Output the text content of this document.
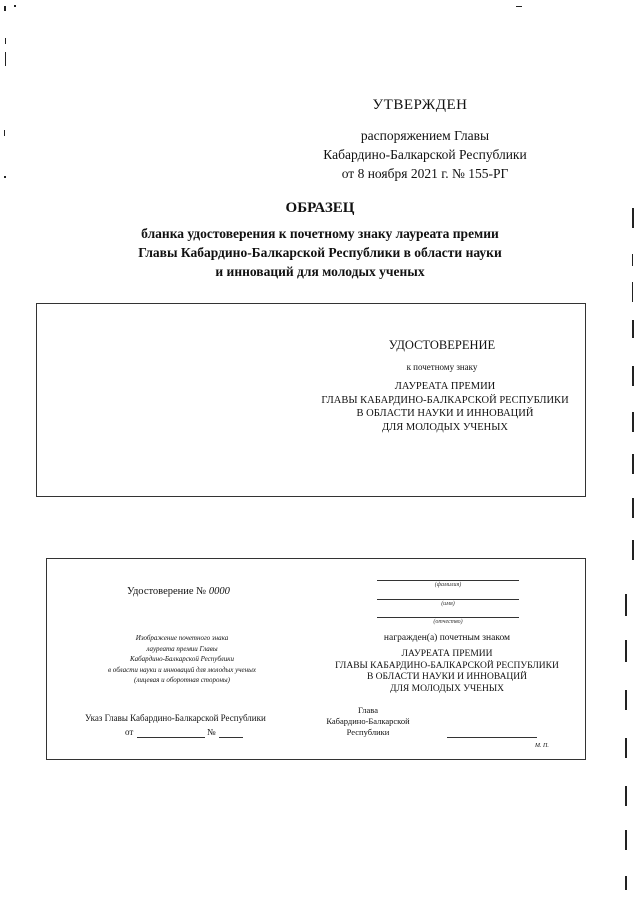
УТВЕРЖДЕН
распоряжением Главы
Кабардино-Балкарской Республики
от 8 ноября 2021 г. № 155-РГ
ОБРАЗЕЦ
бланка удостоверения к почетному знаку лауреата премии
Главы Кабардино-Балкарской Республики в области науки
и инноваций для молодых ученых
УДОСТОВЕРЕНИЕ
к почетному знаку
ЛАУРЕАТА ПРЕМИИ
ГЛАВЫ КАБАРДИНО-БАЛКАРСКОЙ РЕСПУБЛИКИ
В ОБЛАСТИ НАУКИ И ИННОВАЦИЙ
ДЛЯ МОЛОДЫХ УЧЕНЫХ
Удостоверение № 0000
Изображение почетного знака
лауреата премии Главы
Кабардино-Балкарской Республики
в области науки и инноваций для молодых ученых
(лицевая и оборотная стороны)
Указ Главы Кабардино-Балкарской Республики
от	№
(фамилия)
(имя)
(отчество)
награжден(а) почетным знаком
ЛАУРЕАТА ПРЕМИИ
ГЛАВЫ КАБАРДИНО-БАЛКАРСКОЙ РЕСПУБЛИКИ
В ОБЛАСТИ НАУКИ И ИННОВАЦИЙ
ДЛЯ МОЛОДЫХ УЧЕНЫХ
Глава
Кабардино-Балкарской
Республики
М. П.
